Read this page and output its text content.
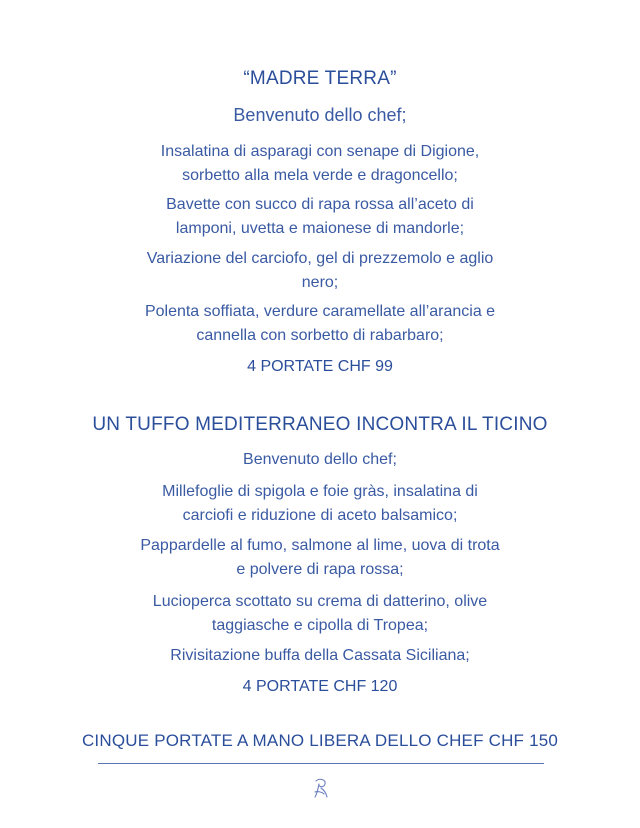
“MADRE TERRA”
Benvenuto dello chef;
Insalatina di asparagi con senape di Digione,
sorbetto alla mela verde e dragoncello;
Bavette con succo di rapa rossa all’aceto di
lamponi, uvetta e maionese di mandorle;
Variazione del carciofo, gel di prezzemolo e aglio
nero;
Polenta soffiata, verdure caramellate all’arancia e
cannella con sorbetto di rabarbaro;
4 PORTATE CHF 99
UN TUFFO MEDITERRANEO INCONTRA IL TICINO
Benvenuto dello chef;
Millefoglie di spigola e foie gràs, insalatina di
carciofi e riduzione di aceto balsamico;
Pappardelle al fumo, salmone al lime, uova di trota
e polvere di rapa rossa;
Lucioperca scottato su crema di datterino, olive
taggiasche e cipolla di Tropea;
Rivisitazione buffa della Cassata Siciliana;
4 PORTATE CHF 120
CINQUE PORTATE A MANO LIBERA DELLO CHEF CHF 150
